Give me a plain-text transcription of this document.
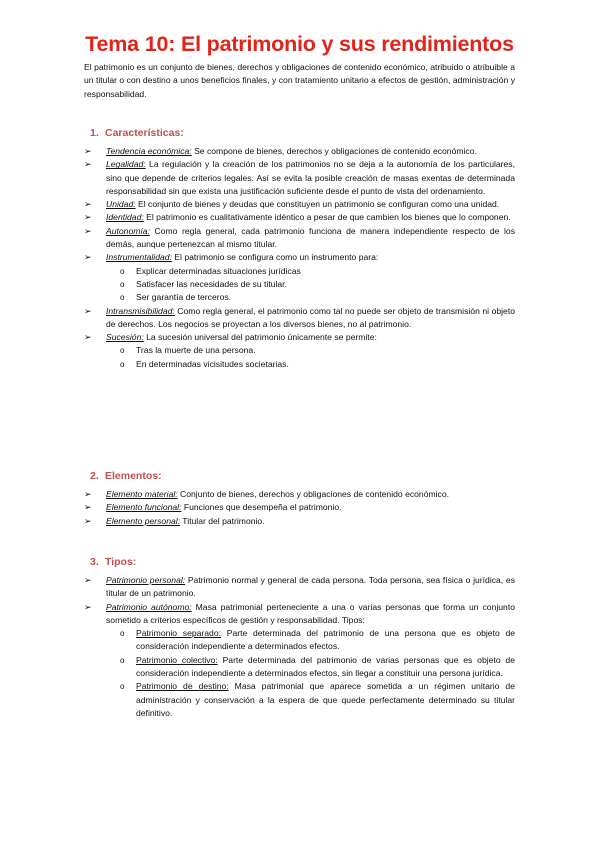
Tema 10: El patrimonio y sus rendimientos

El patrimonio es un conjunto de bienes, derechos y obligaciones de contenido económico, atribuido o atribuible a un titular o con destino a unos beneficios finales, y con tratamiento unitario a efectos de gestión, administración y responsabilidad.

1. Características:
➢ Tendencia económica: Se compone de bienes, derechos y obligaciones de contenido económico.
➢ Legalidad: La regulación y la creación de los patrimonios no se deja a la autonomía de los particulares, sino que depende de criterios legales. Así se evita la posible creación de masas exentas de determinada responsabilidad sin que exista una justificación suficiente desde el punto de vista del ordenamiento.
➢ Unidad: El conjunto de bienes y deudas que constituyen un patrimonio se configuran como una unidad.
➢ Identidad: El patrimonio es cualitativamente idéntico a pesar de que cambien los bienes que lo componen.
➢ Autonomía: Como regla general, cada patrimonio funciona de manera independiente respecto de los demás, aunque pertenezcan al mismo titular.
➢ Instrumentalidad: El patrimonio se configura como un instrumento para:
o Explicar determinadas situaciones jurídicas
o Satisfacer las necesidades de su titular.
o Ser garantía de terceros.
➢ Intransmisibilidad: Como regla general, el patrimonio como tal no puede ser objeto de transmisión ni objeto de derechos. Los negocios se proyectan a los diversos bienes, no al patrimonio.
➢ Sucesión: La sucesión universal del patrimonio únicamente se permite:
o Tras la muerte de una persona.
o En determinadas vicisitudes societarias.
2. Elementos:
➢ Elemento material: Conjunto de bienes, derechos y obligaciones de contenido económico.
➢ Elemento funcional: Funciones que desempeña el patrimonio.
➢ Elemento personal: Titular del patrimonio.
3. Tipos:
➢ Patrimonio personal: Patrimonio normal y general de cada persona. Toda persona, sea física o jurídica, es titular de un patrimonio.
➢ Patrimonio autónomo: Masa patrimonial perteneciente a una o varias personas que forma un conjunto sometido a criterios específicos de gestión y responsabilidad. Tipos:
o Patrimonio separado: Parte determinada del patrimonio de una persona que es objeto de consideración independiente a determinados efectos.
o Patrimonio colectivo: Parte determinada del patrimonio de varias personas que es objeto de consideración independiente a determinados efectos, sin llegar a constituir una persona jurídica.
o Patrimonio de destino: Masa patrimonial que aparece sometida a un régimen unitario de administración y conservación a la espera de que quede perfectamente determinado su titular definitivo.
